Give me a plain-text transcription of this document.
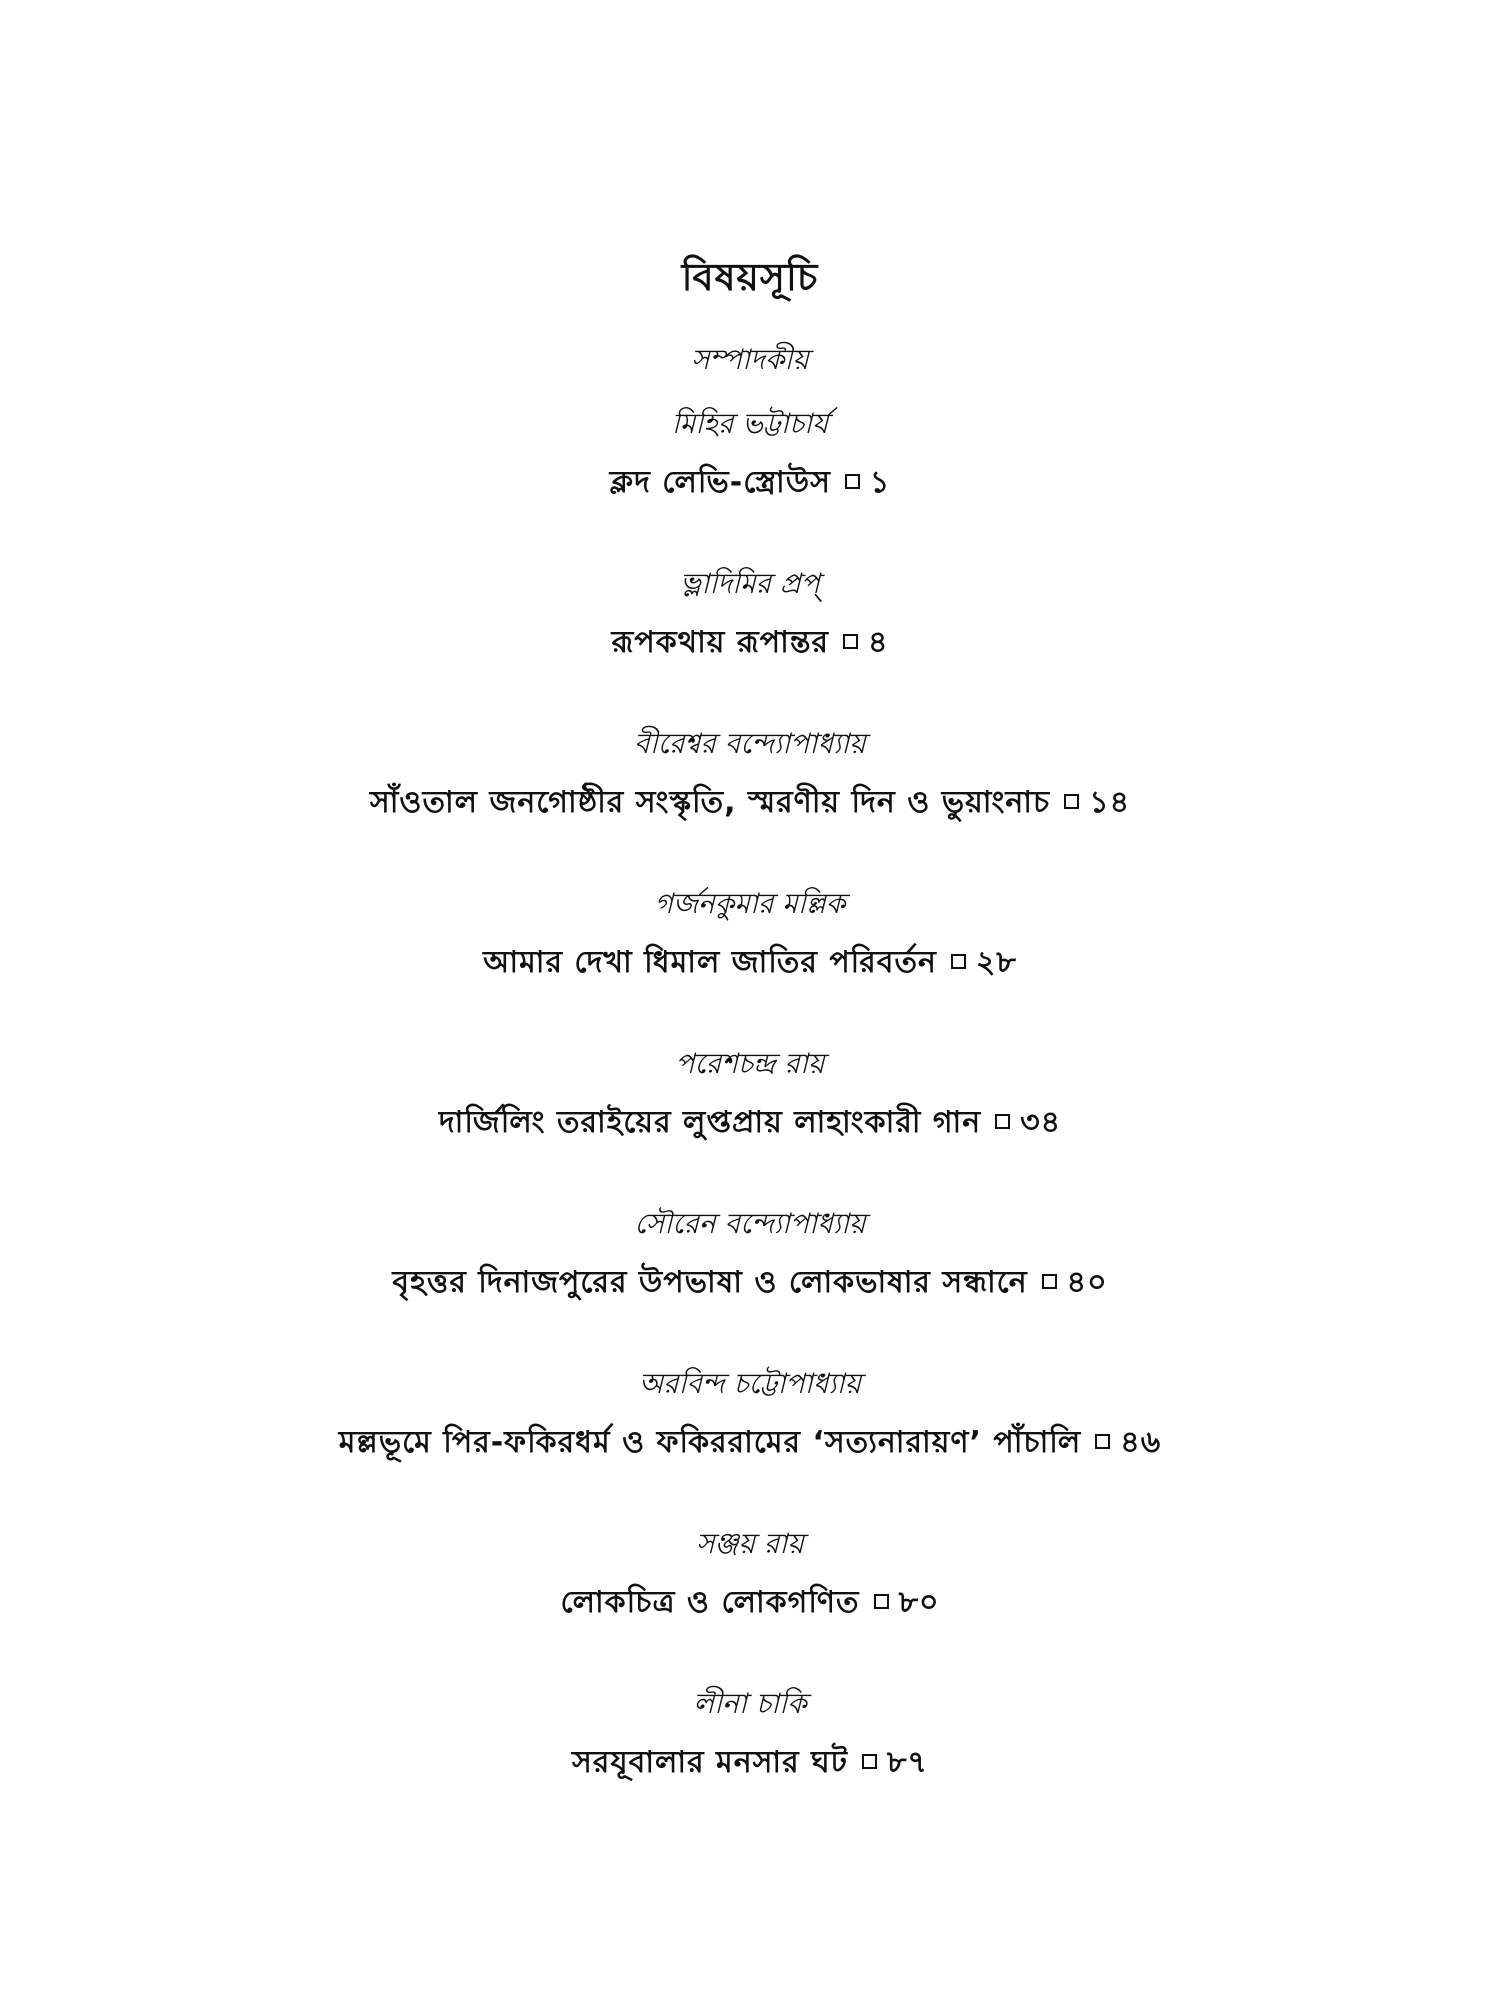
বিষয়সূচি
সম্পাদকীয়
মিহির ভট্টাচার্য
ক্লদ লেভি-স্ত্রোউস ১
ভ্লাদিমির প্রপ্
রূপকথায় রূপান্তর ৪
বীরেশ্বর বন্দ্যোপাধ্যায়
সাঁওতাল জনগোষ্ঠীর সংস্কৃতি, স্মরণীয় দিন ও ভুয়াংনাচ ১৪
গর্জনকুমার মল্লিক
আমার দেখা ধিমাল জাতির পরিবর্তন ২৮
পরেশচন্দ্র রায়
দার্জিলিং তরাইয়ের লুপ্তপ্রায় লাহাংকারী গান ৩৪
সৌরেন বন্দ্যোপাধ্যায়
বৃহত্তর দিনাজপুরের উপভাষা ও লোকভাষার সন্ধানে ৪০
অরবিন্দ চট্টোপাধ্যায়
মল্লভূমে পির-ফকিরধর্ম ও ফকিররামের ‘সত্যনারায়ণ’ পাঁচালি ৪৬
সঞ্জয় রায়
লোকচিত্র ও লোকগণিত ৮০
লীনা চাকি
সরযূবালার মনসার ঘট ৮৭
